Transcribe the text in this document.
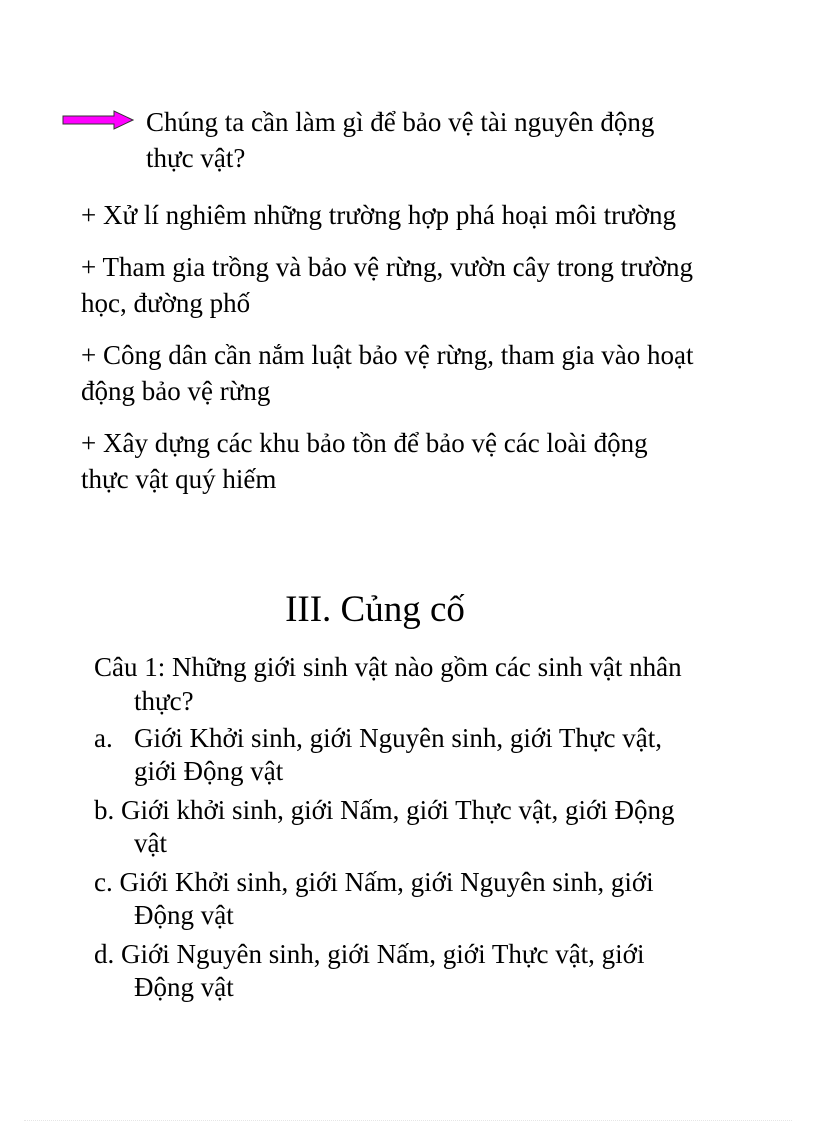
Chúng ta cần làm gì để bảo vệ tài nguyên động thực vật?

+ Xử lí nghiêm những trường hợp phá hoại môi trường

+ Tham gia trồng và bảo vệ rừng, vườn cây trong trường học, đường phố

+ Công dân cần nắm luật bảo vệ rừng, tham gia vào hoạt động bảo vệ rừng

+ Xây dựng các khu bảo tồn để bảo vệ các loài động thực vật quý hiếm

III. Củng cố

Câu 1: Những giới sinh vật nào gồm các sinh vật nhân thực?

a. Giới Khởi sinh, giới Nguyên sinh, giới Thực vật, giới Động vật

b. Giới khởi sinh, giới Nấm, giới Thực vật, giới Động vật

c. Giới Khởi sinh, giới Nấm, giới Nguyên sinh, giới Động vật

d. Giới Nguyên sinh, giới Nấm, giới Thực vật, giới Động vật
